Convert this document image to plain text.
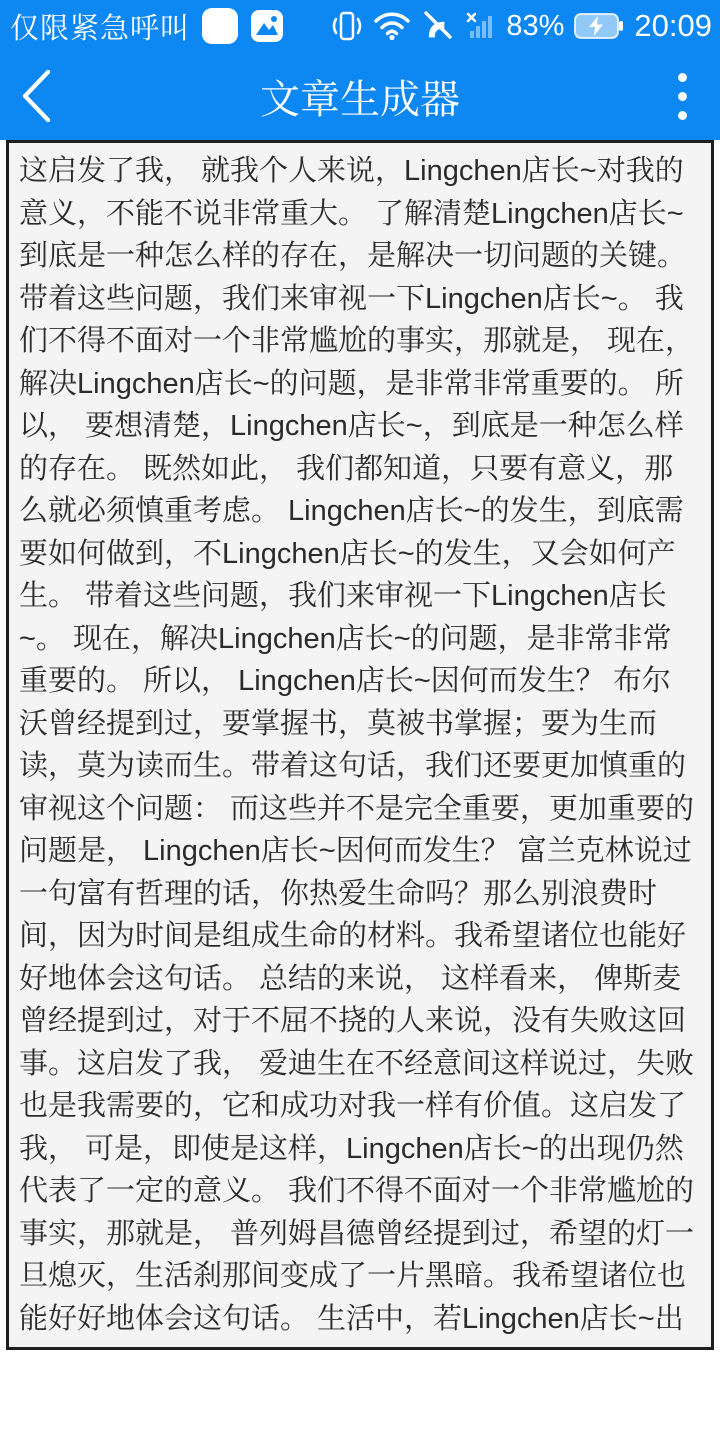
仅限紧急呼叫	83% 20:09
文章生成器
这启发了我， 就我个人来说，Lingchen店长~对我的
意义，不能不说非常重大。 了解清楚Lingchen店长~
到底是一种怎么样的存在，是解决一切问题的关键。
带着这些问题，我们来审视一下Lingchen店长~。 我
们不得不面对一个非常尴尬的事实，那就是， 现在，
解决Lingchen店长~的问题，是非常非常重要的。 所
以， 要想清楚，Lingchen店长~，到底是一种怎么样
的存在。 既然如此， 我们都知道，只要有意义，那
么就必须慎重考虑。 Lingchen店长~的发生，到底需
要如何做到，不Lingchen店长~的发生，又会如何产
生。 带着这些问题，我们来审视一下Lingchen店长
~。 现在，解决Lingchen店长~的问题，是非常非常
重要的。 所以， Lingchen店长~因何而发生？ 布尔
沃曾经提到过，要掌握书，莫被书掌握；要为生而
读，莫为读而生。带着这句话，我们还要更加慎重的
审视这个问题： 而这些并不是完全重要，更加重要的
问题是， Lingchen店长~因何而发生？ 富兰克林说过
一句富有哲理的话，你热爱生命吗？那么别浪费时
间，因为时间是组成生命的材料。我希望诸位也能好
好地体会这句话。 总结的来说， 这样看来， 俾斯麦
曾经提到过，对于不屈不挠的人来说，没有失败这回
事。这启发了我， 爱迪生在不经意间这样说过，失败
也是我需要的，它和成功对我一样有价值。这启发了
我， 可是，即使是这样，Lingchen店长~的出现仍然
代表了一定的意义。 我们不得不面对一个非常尴尬的
事实，那就是， 普列姆昌德曾经提到过，希望的灯一
旦熄灭，生活刹那间变成了一片黑暗。我希望诸位也
能好好地体会这句话。 生活中，若Lingchen店长~出
